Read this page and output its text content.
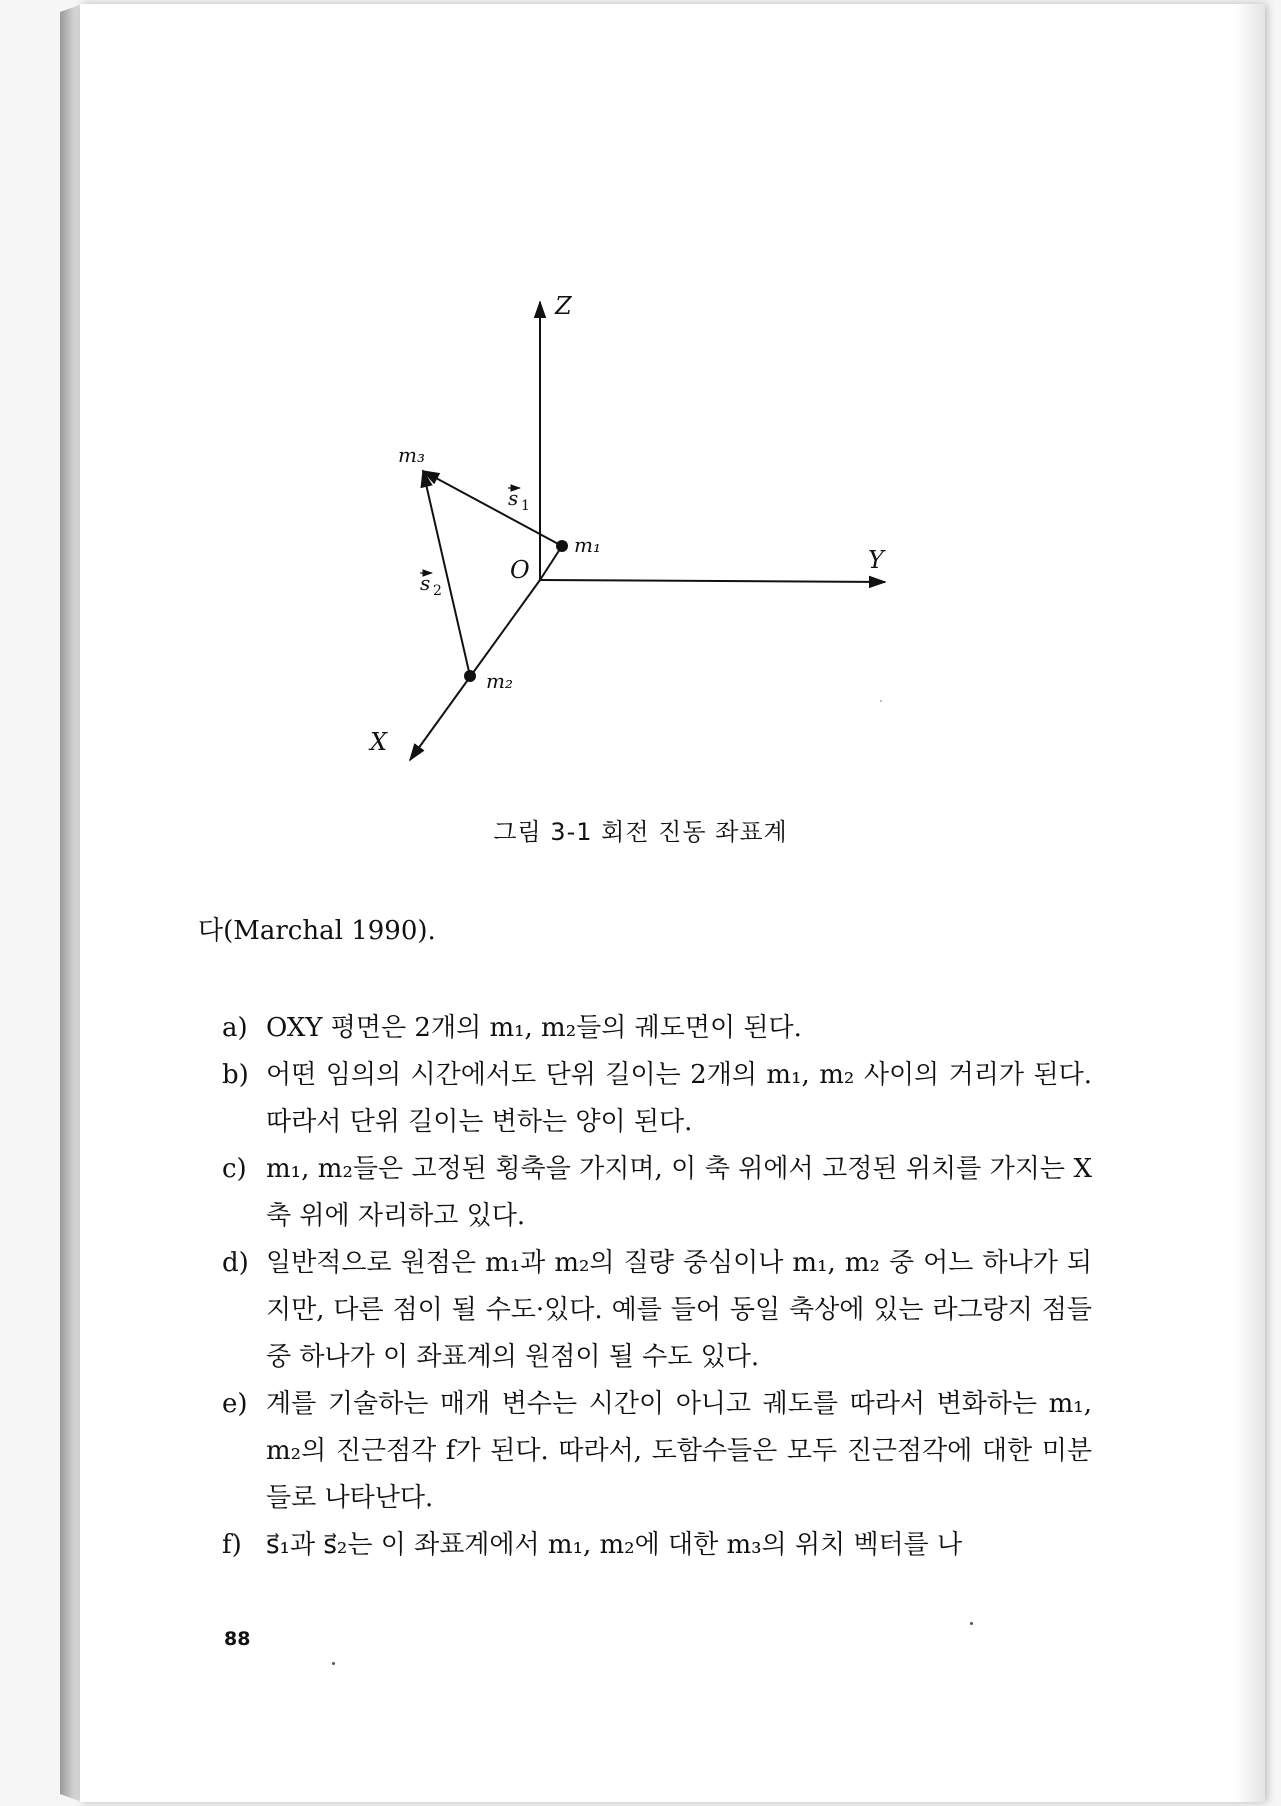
Z
Y
X
O
m₁
m₂
m₃
s 1
s 2
그림 3-1 회전 진동 좌표계
다(Marchal 1990).
a) OXY 평면은 2개의 m₁, m₂들의 궤도면이 된다.
b) 어떤 임의의 시간에서도 단위 길이는 2개의 m₁, m₂ 사이의 거리가 된다. 따라서 단위 길이는 변하는 양이 된다.
c) m₁, m₂들은 고정된 횡축을 가지며, 이 축 위에서 고정된 위치를 가지는 X축 위에 자리하고 있다.
d) 일반적으로 원점은 m₁과 m₂의 질량 중심이나 m₁, m₂ 중 어느 하나가 되지만, 다른 점이 될 수도·있다. 예를 들어 동일 축상에 있는 라그랑지 점들 중 하나가 이 좌표계의 원점이 될 수도 있다.
e) 계를 기술하는 매개 변수는 시간이 아니고 궤도를 따라서 변화하는 m₁, m₂의 진근점각 f가 된다. 따라서, 도함수들은 모두 진근점각에 대한 미분들로 나타난다.
f) s⃗₁과 s⃗₂는 이 좌표계에서 m₁, m₂에 대한 m₃의 위치 벡터를 나
88
